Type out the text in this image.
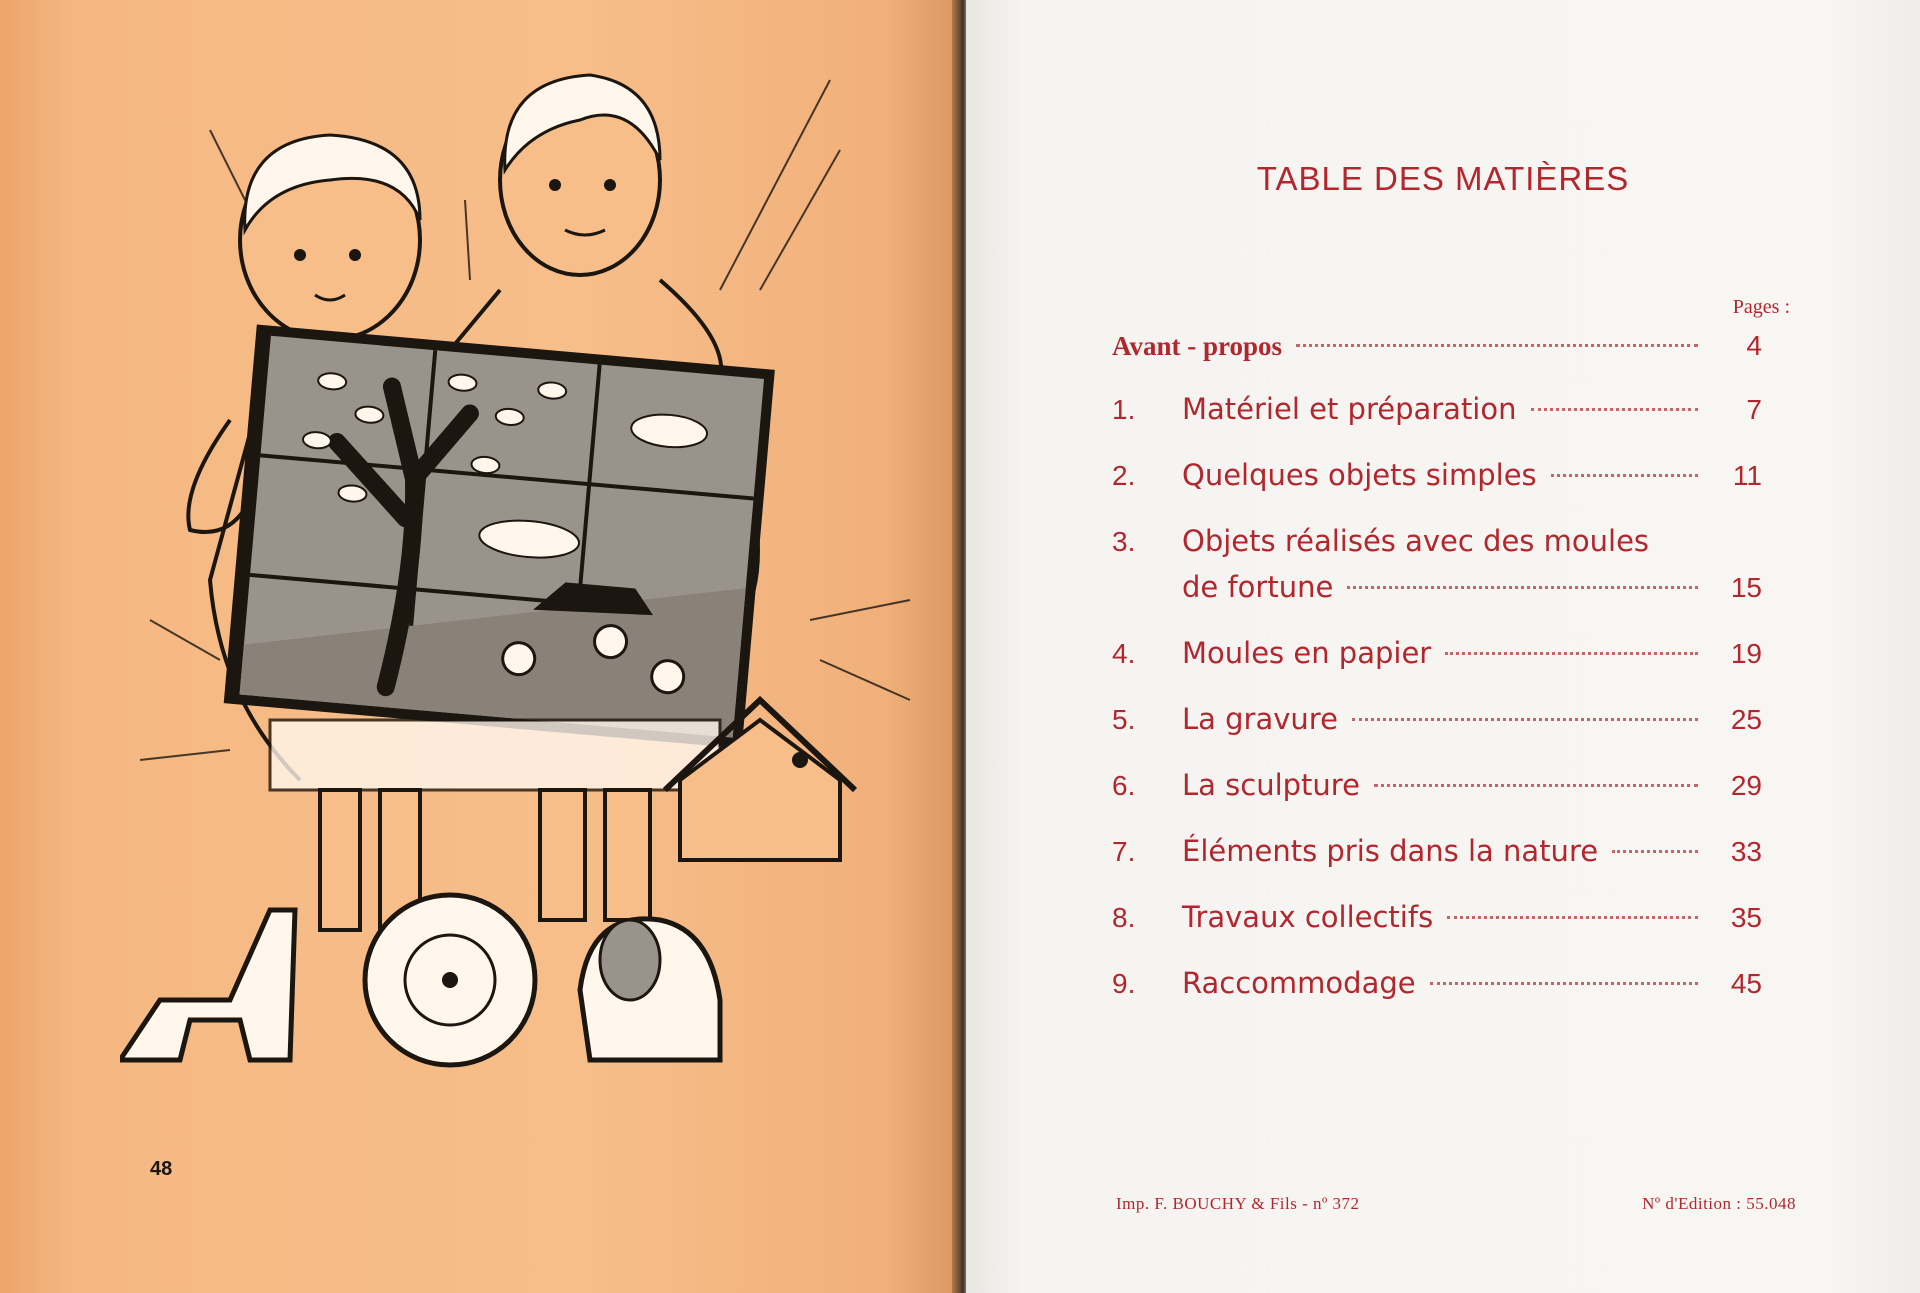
48
TABLE DES MATIÈRES
Pages :
Avant - propos	4
1.	Matériel et préparation	7
2.	Quelques objets simples	11
3.	Objets réalisés avec des moules
de fortune	15
4.	Moules en papier	19
5.	La gravure	25
6.	La sculpture	29
7.	Éléments pris dans la nature	33
8.	Travaux collectifs	35
9.	Raccommodage	45
Imp. F. BOUCHY & Fils - nº 372	Nº d'Edition : 55.048
